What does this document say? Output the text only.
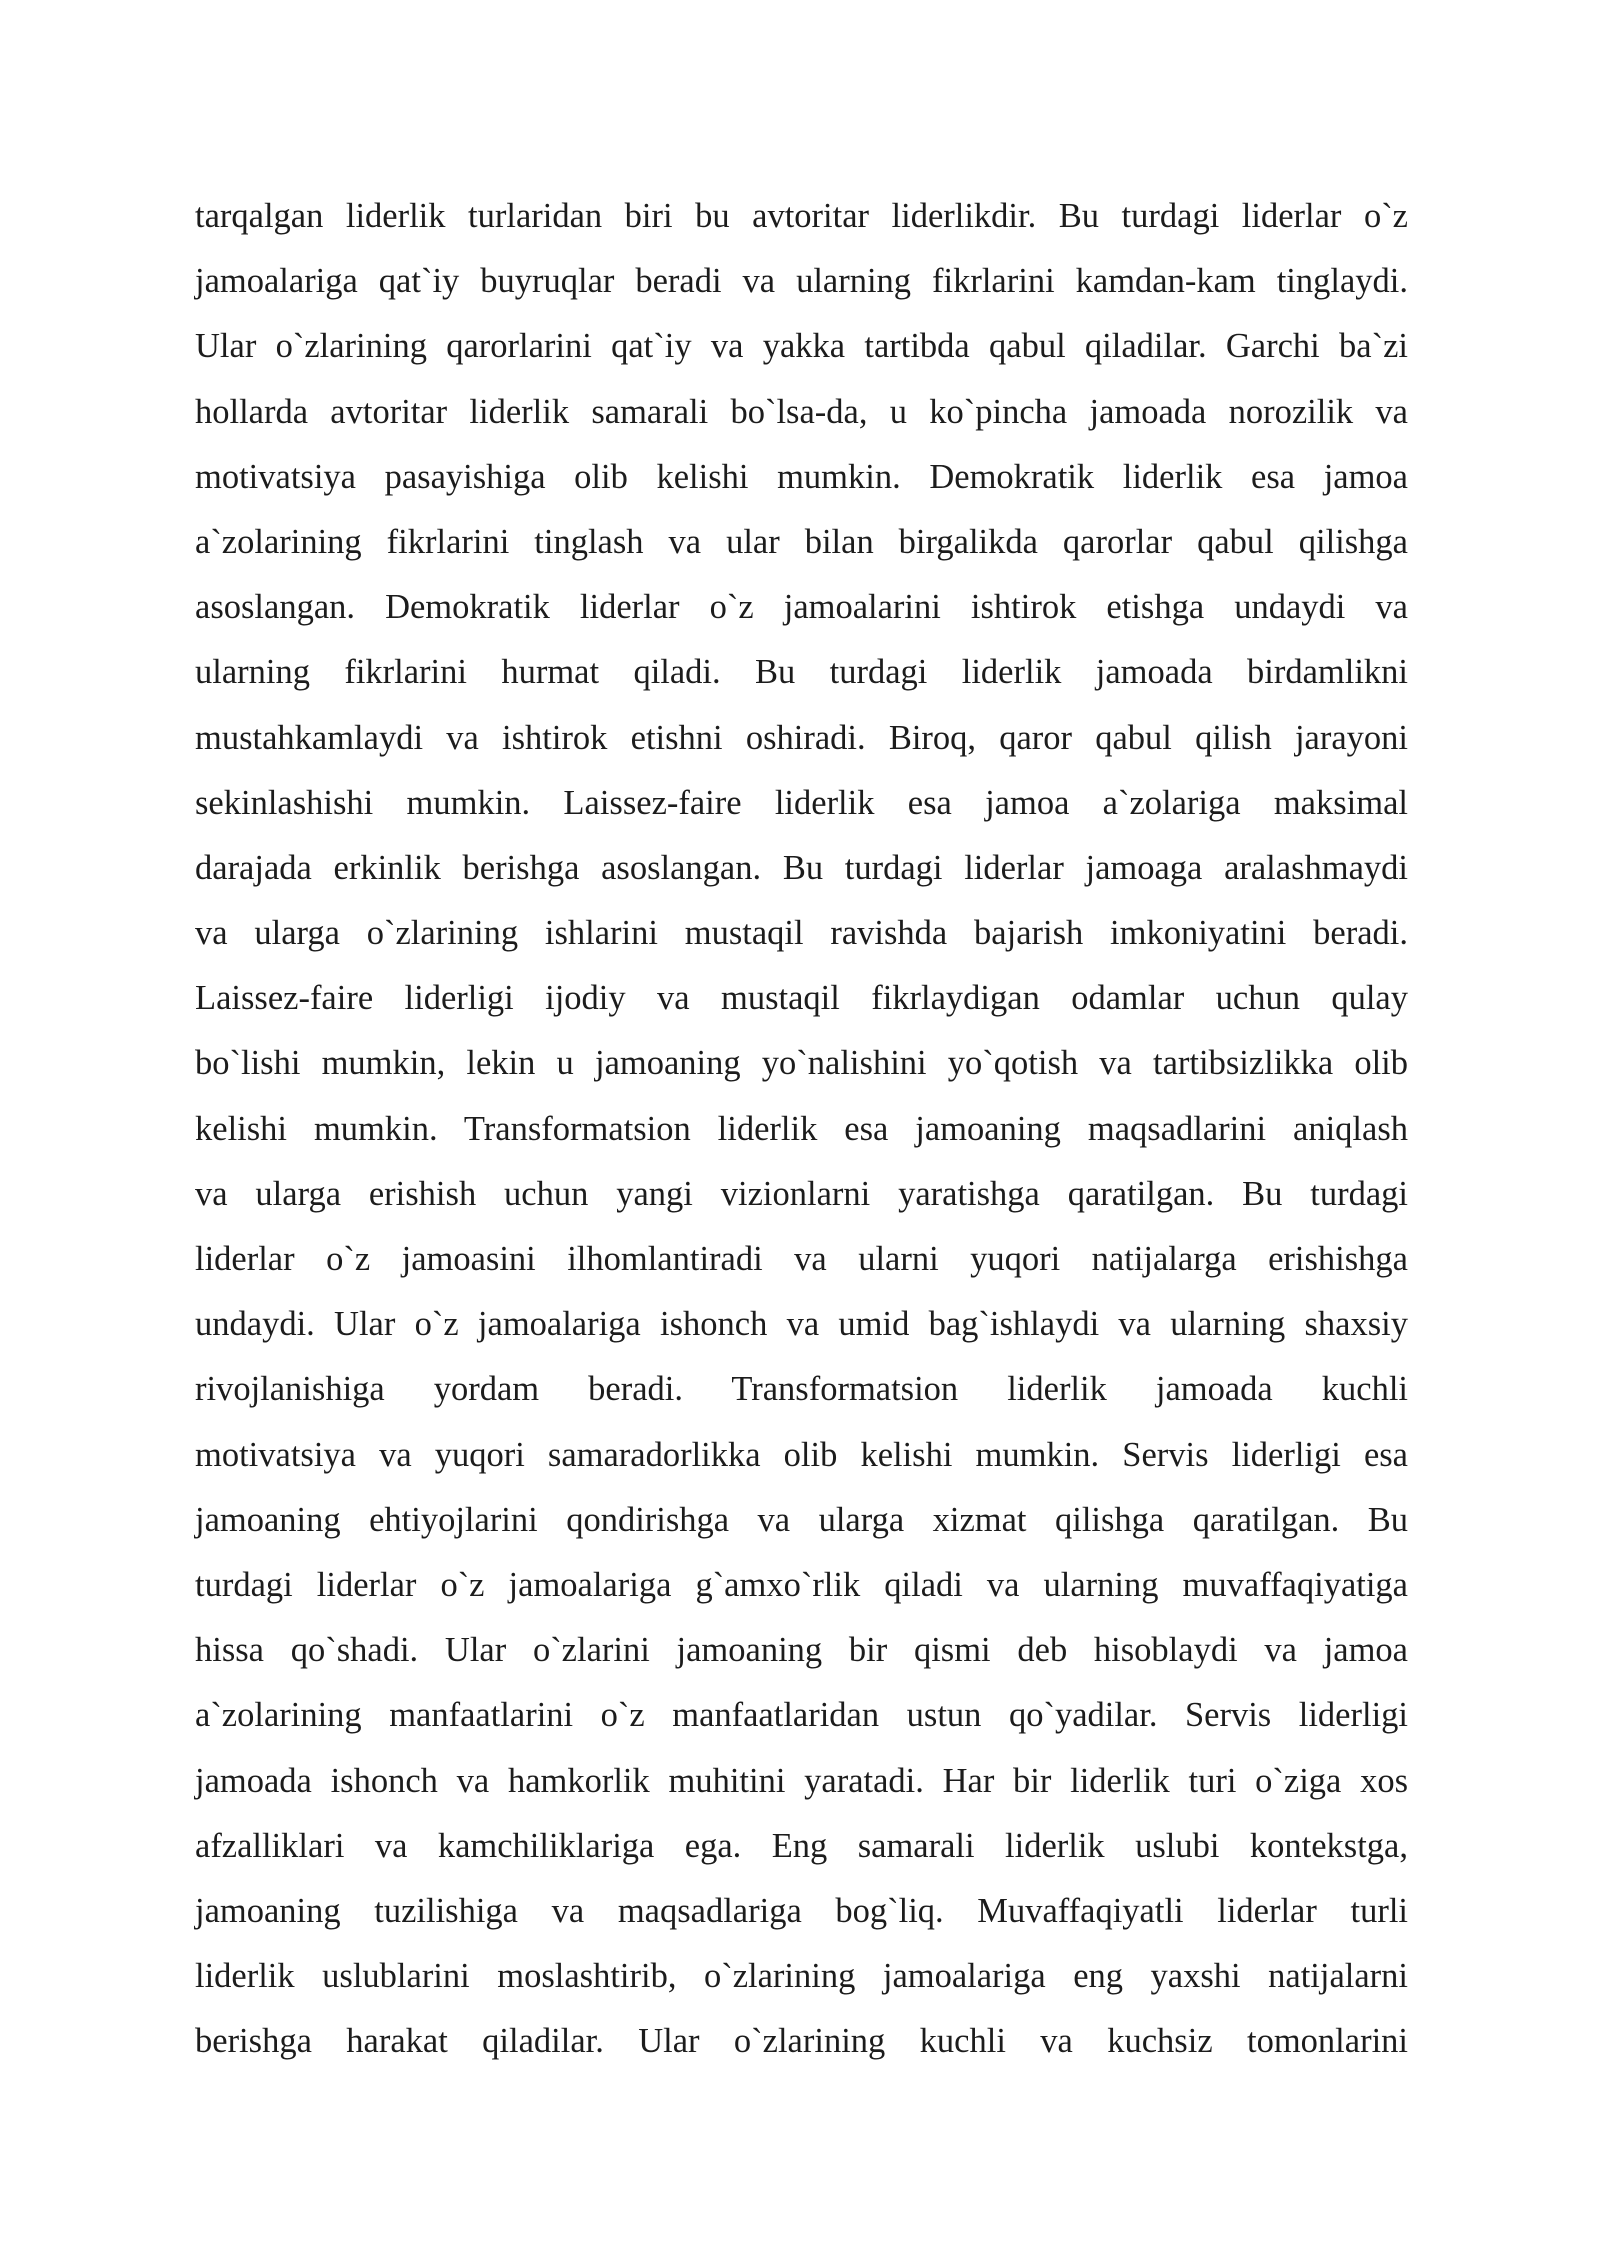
tarqalgan liderlik turlaridan biri bu avtoritar liderlikdir. Bu turdagi liderlar o`z
jamoalariga qat`iy buyruqlar beradi va ularning fikrlarini kamdan-kam tinglaydi.
Ular o`zlarining qarorlarini qat`iy va yakka tartibda qabul qiladilar. Garchi ba`zi
hollarda avtoritar liderlik samarali bo`lsa-da, u ko`pincha jamoada norozilik va
motivatsiya pasayishiga olib kelishi mumkin. Demokratik liderlik esa jamoa
a`zolarining fikrlarini tinglash va ular bilan birgalikda qarorlar qabul qilishga
asoslangan. Demokratik liderlar o`z jamoalarini ishtirok etishga undaydi va
ularning fikrlarini hurmat qiladi. Bu turdagi liderlik jamoada birdamlikni
mustahkamlaydi va ishtirok etishni oshiradi. Biroq, qaror qabul qilish jarayoni
sekinlashishi mumkin. Laissez-faire liderlik esa jamoa a`zolariga maksimal
darajada erkinlik berishga asoslangan. Bu turdagi liderlar jamoaga aralashmaydi
va ularga o`zlarining ishlarini mustaqil ravishda bajarish imkoniyatini beradi.
Laissez-faire liderligi ijodiy va mustaqil fikrlaydigan odamlar uchun qulay
bo`lishi mumkin, lekin u jamoaning yo`nalishini yo`qotish va tartibsizlikka olib
kelishi mumkin. Transformatsion liderlik esa jamoaning maqsadlarini aniqlash
va ularga erishish uchun yangi vizionlarni yaratishga qaratilgan. Bu turdagi
liderlar o`z jamoasini ilhomlantiradi va ularni yuqori natijalarga erishishga
undaydi. Ular o`z jamoalariga ishonch va umid bag`ishlaydi va ularning shaxsiy
rivojlanishiga yordam beradi. Transformatsion liderlik jamoada kuchli
motivatsiya va yuqori samaradorlikka olib kelishi mumkin. Servis liderligi esa
jamoaning ehtiyojlarini qondirishga va ularga xizmat qilishga qaratilgan. Bu
turdagi liderlar o`z jamoalariga g`amxo`rlik qiladi va ularning muvaffaqiyatiga
hissa qo`shadi. Ular o`zlarini jamoaning bir qismi deb hisoblaydi va jamoa
a`zolarining manfaatlarini o`z manfaatlaridan ustun qo`yadilar. Servis liderligi
jamoada ishonch va hamkorlik muhitini yaratadi. Har bir liderlik turi o`ziga xos
afzalliklari va kamchiliklariga ega. Eng samarali liderlik uslubi kontekstga,
jamoaning tuzilishiga va maqsadlariga bog`liq. Muvaffaqiyatli liderlar turli
liderlik uslublarini moslashtirib, o`zlarining jamoalariga eng yaxshi natijalarni
berishga harakat qiladilar. Ular o`zlarining kuchli va kuchsiz tomonlarini
